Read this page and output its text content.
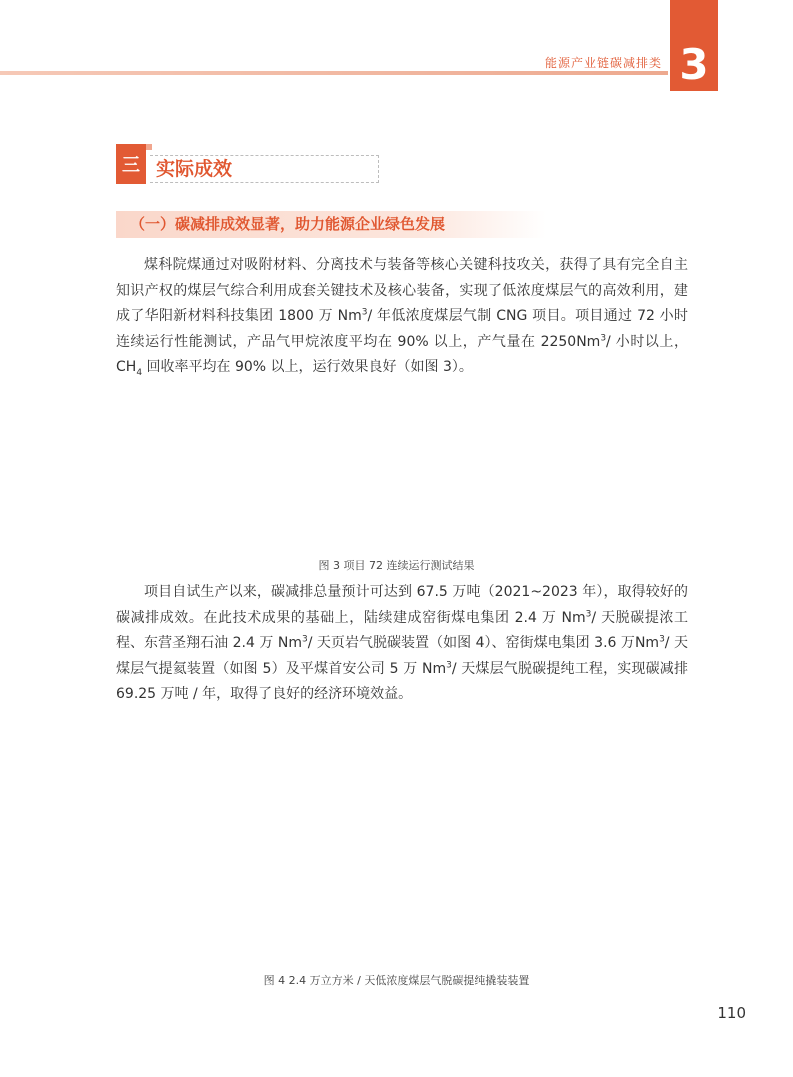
能源产业链碳减排类 3
三 实际成效
（一）碳减排成效显著，助力能源企业绿色发展
煤科院煤通过对吸附材料、分离技术与装备等核心关键科技攻关，获得了具有完全自主知识产权的煤层气综合利用成套关键技术及核心装备，实现了低浓度煤层气的高效利用，建成了华阳新材料科技集团 1800 万 Nm$^3$/ 年低浓度煤层气制 CNG 项目。项目通过 72 小时连续运行性能测试，产品气甲烷浓度平均在 90% 以上，产气量在 2250Nm$^3$/ 小时以上，$CH_4$ 回收率平均在 90% 以上，运行效果良好（如图 3）。
图 3 项目 72 连续运行测试结果
项目自试生产以来，碳减排总量预计可达到 67.5 万吨（2021~2023 年），取得较好的碳减排成效。在此技术成果的基础上，陆续建成窑街煤电集团 2.4 万 Nm$^3$/ 天脱碳提浓工程、东营圣翔石油 2.4 万 Nm$^3$/ 天页岩气脱碳装置（如图 4）、窑街煤电集团 3.6 万Nm$^3$/ 天煤层气提氦装置（如图 5）及平煤首安公司 5 万 Nm$^3$/ 天煤层气脱碳提纯工程，实现碳减排 69.25 万吨 / 年，取得了良好的经济环境效益。
图 4 2.4 万立方米 / 天低浓度煤层气脱碳提纯撬装装置
110
